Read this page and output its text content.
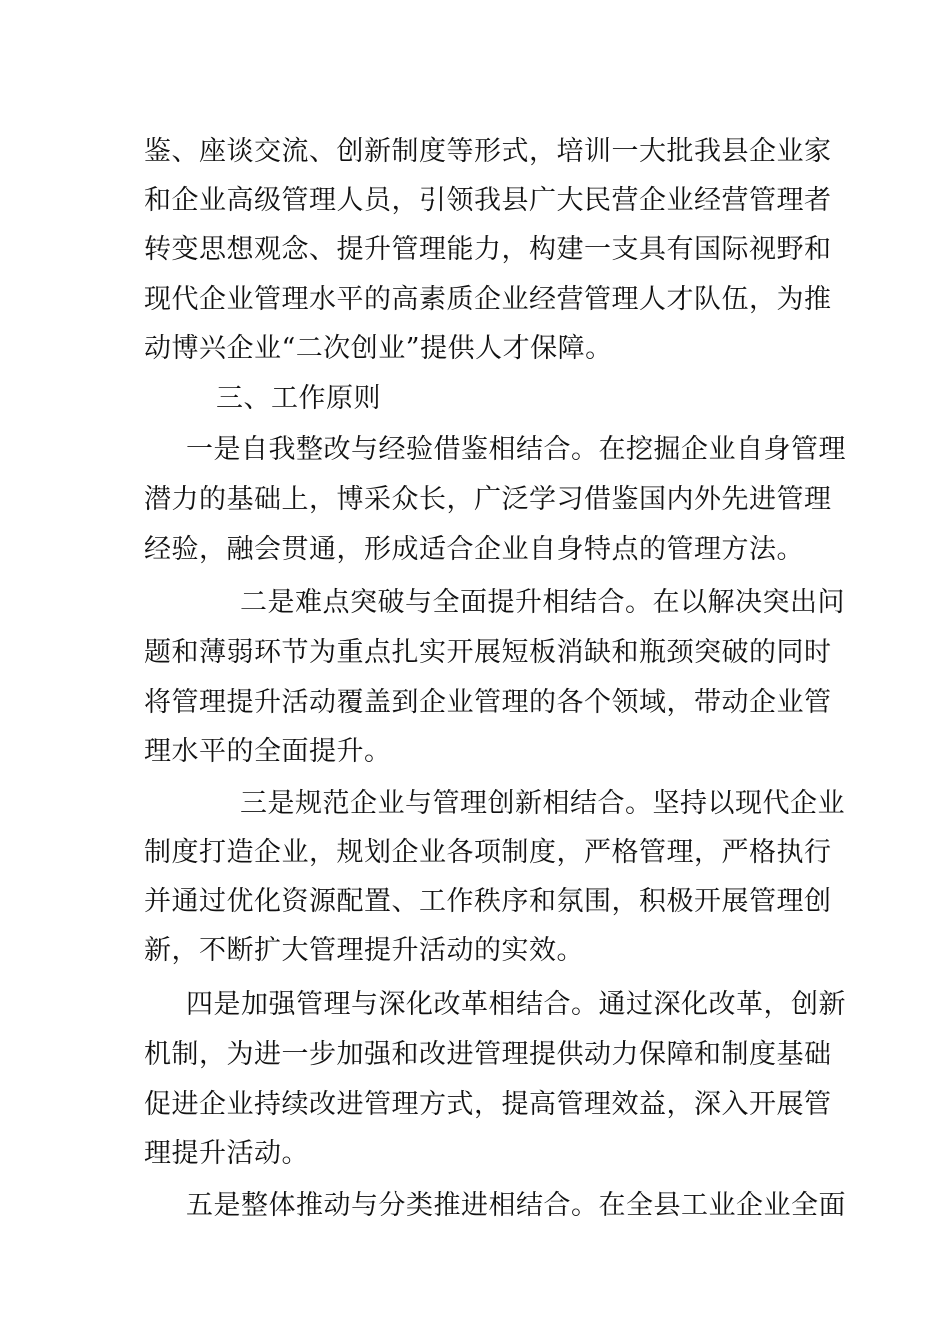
鉴、座谈交流、创新制度等形式，培训一大批我县企业家
和企业高级管理人员，引领我县广大民营企业经营管理者
转变思想观念、提升管理能力，构建一支具有国际视野和
现代企业管理水平的高素质企业经营管理人才队伍，为推
动博兴企业“二次创业”提供人才保障。
三、工作原则
一是自我整改与经验借鉴相结合。在挖掘企业自身管理
潜力的基础上，博采众长，广泛学习借鉴国内外先进管理
经验，融会贯通，形成适合企业自身特点的管理方法。
二是难点突破与全面提升相结合。在以解决突出问
题和薄弱环节为重点扎实开展短板消缺和瓶颈突破的同时
将管理提升活动覆盖到企业管理的各个领域，带动企业管
理水平的全面提升。
三是规范企业与管理创新相结合。坚持以现代企业
制度打造企业，规划企业各项制度，严格管理，严格执行
并通过优化资源配置、工作秩序和氛围，积极开展管理创
新，不断扩大管理提升活动的实效。
四是加强管理与深化改革相结合。通过深化改革，创新
机制，为进一步加强和改进管理提供动力保障和制度基础
促进企业持续改进管理方式，提高管理效益，深入开展管
理提升活动。
五是整体推动与分类推进相结合。在全县工业企业全面
